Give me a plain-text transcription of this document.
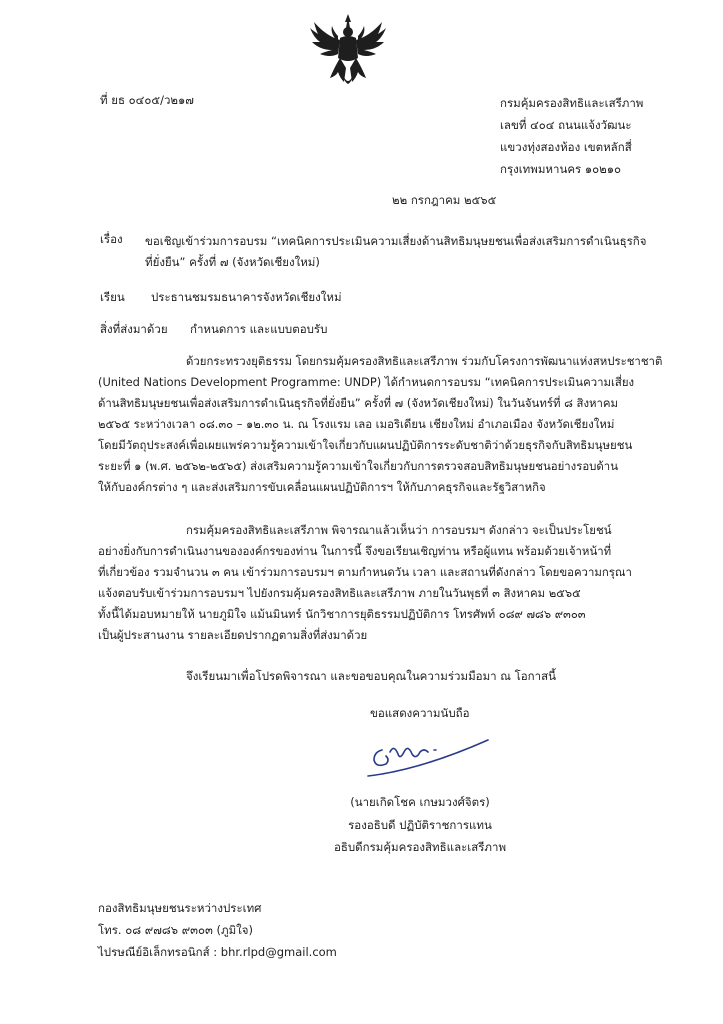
ที่ ยธ ๐๔๐๕/ว๒๑๗	กรมคุ้มครองสิทธิและเสรีภาพ
เลขที่ ๔๐๔ ถนนแจ้งวัฒนะ
แขวงทุ่งสองห้อง เขตหลักสี่
กรุงเทพมหานคร ๑๐๒๑๐
๒๒ กรกฎาคม ๒๕๖๕
เรื่อง ขอเชิญเข้าร่วมการอบรม “เทคนิคการประเมินความเสี่ยงด้านสิทธิมนุษยชนเพื่อส่งเสริมการดำเนินธุรกิจ
ที่ยั่งยืน” ครั้งที่ ๗ (จังหวัดเชียงใหม่)
เรียน ประธานชมรมธนาคารจังหวัดเชียงใหม่
สิ่งที่ส่งมาด้วย กำหนดการ และแบบตอบรับ
ด้วยกระทรวงยุติธรรม โดยกรมคุ้มครองสิทธิและเสรีภาพ ร่วมกับโครงการพัฒนาแห่งสหประชาชาติ
(United Nations Development Programme: UNDP) ได้กำหนดการอบรม “เทคนิคการประเมินความเสี่ยง
ด้านสิทธิมนุษยชนเพื่อส่งเสริมการดำเนินธุรกิจที่ยั่งยืน” ครั้งที่ ๗ (จังหวัดเชียงใหม่) ในวันจันทร์ที่ ๘ สิงหาคม
๒๕๖๕ ระหว่างเวลา ๐๘.๓๐ – ๑๒.๓๐ น. ณ โรงแรม เลอ เมอริเดียน เชียงใหม่ อำเภอเมือง จังหวัดเชียงใหม่
โดยมีวัตถุประสงค์เพื่อเผยแพร่ความรู้ความเข้าใจเกี่ยวกับแผนปฏิบัติการระดับชาติว่าด้วยธุรกิจกับสิทธิมนุษยชน
ระยะที่ ๑ (พ.ศ. ๒๕๖๒-๒๕๖๕) ส่งเสริมความรู้ความเข้าใจเกี่ยวกับการตรวจสอบสิทธิมนุษยชนอย่างรอบด้าน
ให้กับองค์กรต่าง ๆ และส่งเสริมการขับเคลื่อนแผนปฏิบัติการฯ ให้กับภาคธุรกิจและรัฐวิสาหกิจ
กรมคุ้มครองสิทธิและเสรีภาพ พิจารณาแล้วเห็นว่า การอบรมฯ ดังกล่าว จะเป็นประโยชน์
อย่างยิ่งกับการดำเนินงานขององค์กรของท่าน ในการนี้ จึงขอเรียนเชิญท่าน หรือผู้แทน พร้อมด้วยเจ้าหน้าที่
ที่เกี่ยวข้อง รวมจำนวน ๓ คน เข้าร่วมการอบรมฯ ตามกำหนดวัน เวลา และสถานที่ดังกล่าว โดยขอความกรุณา
แจ้งตอบรับเข้าร่วมการอบรมฯ ไปยังกรมคุ้มครองสิทธิและเสรีภาพ ภายในวันพุธที่ ๓ สิงหาคม ๒๕๖๕
ทั้งนี้ได้มอบหมายให้ นายภูมิใจ แม้นมินทร์ นักวิชาการยุติธรรมปฏิบัติการ โทรศัพท์ ๐๘๙ ๗๘๖ ๙๓๐๓
เป็นผู้ประสานงาน รายละเอียดปรากฏตามสิ่งที่ส่งมาด้วย
จึงเรียนมาเพื่อโปรดพิจารณา และขอขอบคุณในความร่วมมือมา ณ โอกาสนี้
ขอแสดงความนับถือ
(นายเกิดโชค เกษมวงศ์จิตร)
รองอธิบดี ปฏิบัติราชการแทน
อธิบดีกรมคุ้มครองสิทธิและเสรีภาพ
กองสิทธิมนุษยชนระหว่างประเทศ
โทร. ๐๘ ๙๗๘๖ ๙๓๐๓ (ภูมิใจ)
ไปรษณีย์อิเล็กทรอนิกส์ : bhr.rlpd@gmail.com
